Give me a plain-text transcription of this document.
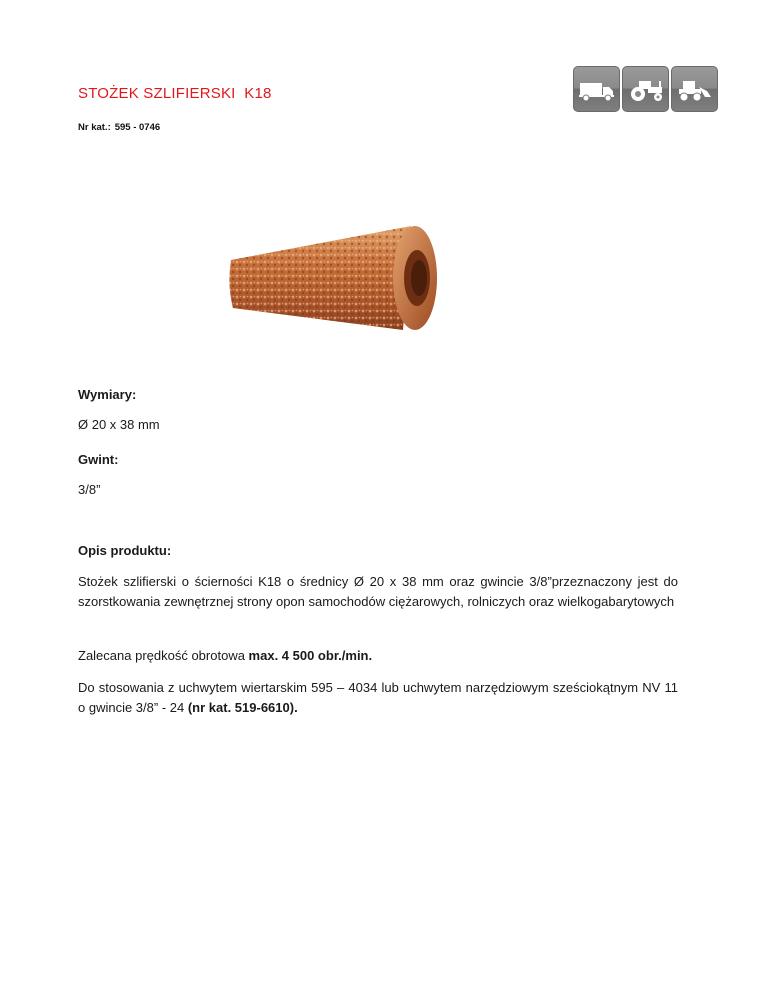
STOŻEK SZLIFIERSKI  K18
Nr kat.: 595 - 0746
Wymiary:
Ø 20 x 38 mm
Gwint:
3/8”
Opis produktu:

Stożek szlifierski o ścierności K18 o średnicy Ø 20 x 38 mm oraz gwincie 3/8”przeznaczony jest do szorstkowania zewnętrznej strony opon samochodów ciężarowych, rolniczych oraz wielkogabarytowych

Zalecana prędkość obrotowa max. 4 500 obr./min.

Do stosowania z uchwytem wiertarskim 595 – 4034 lub uchwytem narzędziowym sześciokątnym NV 11 o gwincie 3/8” - 24 (nr kat. 519-6610).
